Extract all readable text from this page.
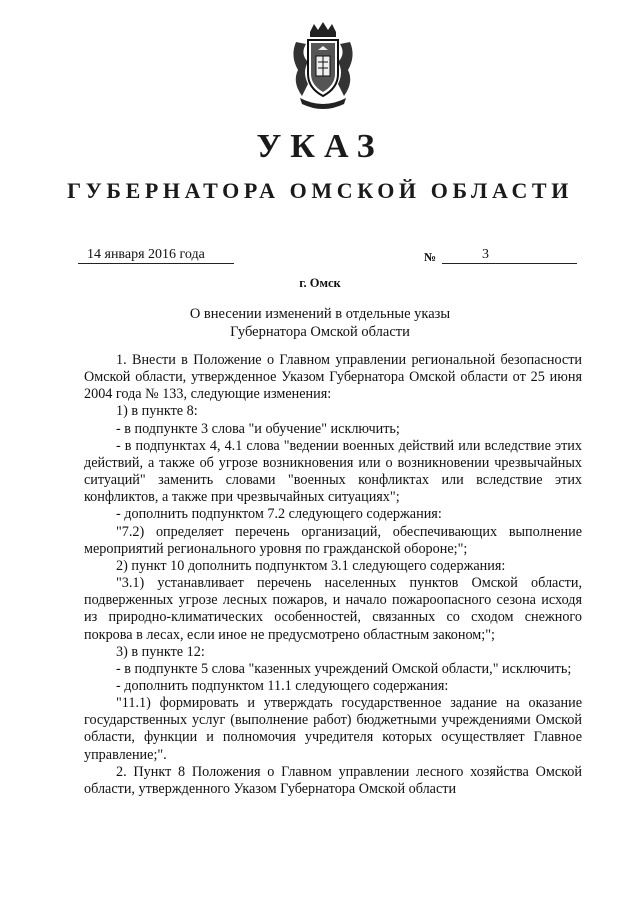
УКАЗ
ГУБЕРНАТОРА ОМСКОЙ ОБЛАСТИ
14 января 2016 года	№	3
г. Омск
О внесении изменений в отдельные указы
Губернатора Омской области

1. Внести в Положение о Главном управлении региональной безопасности Омской области, утвержденное Указом Губернатора Омской области от 25 июня 2004 года № 133, следующие изменения:

1) в пункте 8:

- в подпункте 3 слова "и обучение" исключить;

- в подпунктах 4, 4.1 слова "ведении военных действий или вследствие этих действий, а также об угрозе возникновения или о возникновении чрезвычайных ситуаций" заменить словами "военных конфликтах или вследствие этих конфликтов, а также при чрезвычайных ситуациях";

- дополнить подпунктом 7.2 следующего содержания:

"7.2) определяет перечень организаций, обеспечивающих выполнение мероприятий регионального уровня по гражданской обороне;";

2) пункт 10 дополнить подпунктом 3.1 следующего содержания:

"3.1) устанавливает перечень населенных пунктов Омской области, подверженных угрозе лесных пожаров, и начало пожароопасного сезона исходя из природно-климатических особенностей, связанных со сходом снежного покрова в лесах, если иное не предусмотрено областным законом;";

3) в пункте 12:

- в подпункте 5 слова "казенных учреждений Омской области," исключить;

- дополнить подпунктом 11.1 следующего содержания:

"11.1) формировать и утверждать государственное задание на оказание государственных услуг (выполнение работ) бюджетными учреждениями Омской области, функции и полномочия учредителя которых осуществляет Главное управление;".

2. Пункт 8 Положения о Главном управлении лесного хозяйства Омской области, утвержденного Указом Губернатора Омской области
